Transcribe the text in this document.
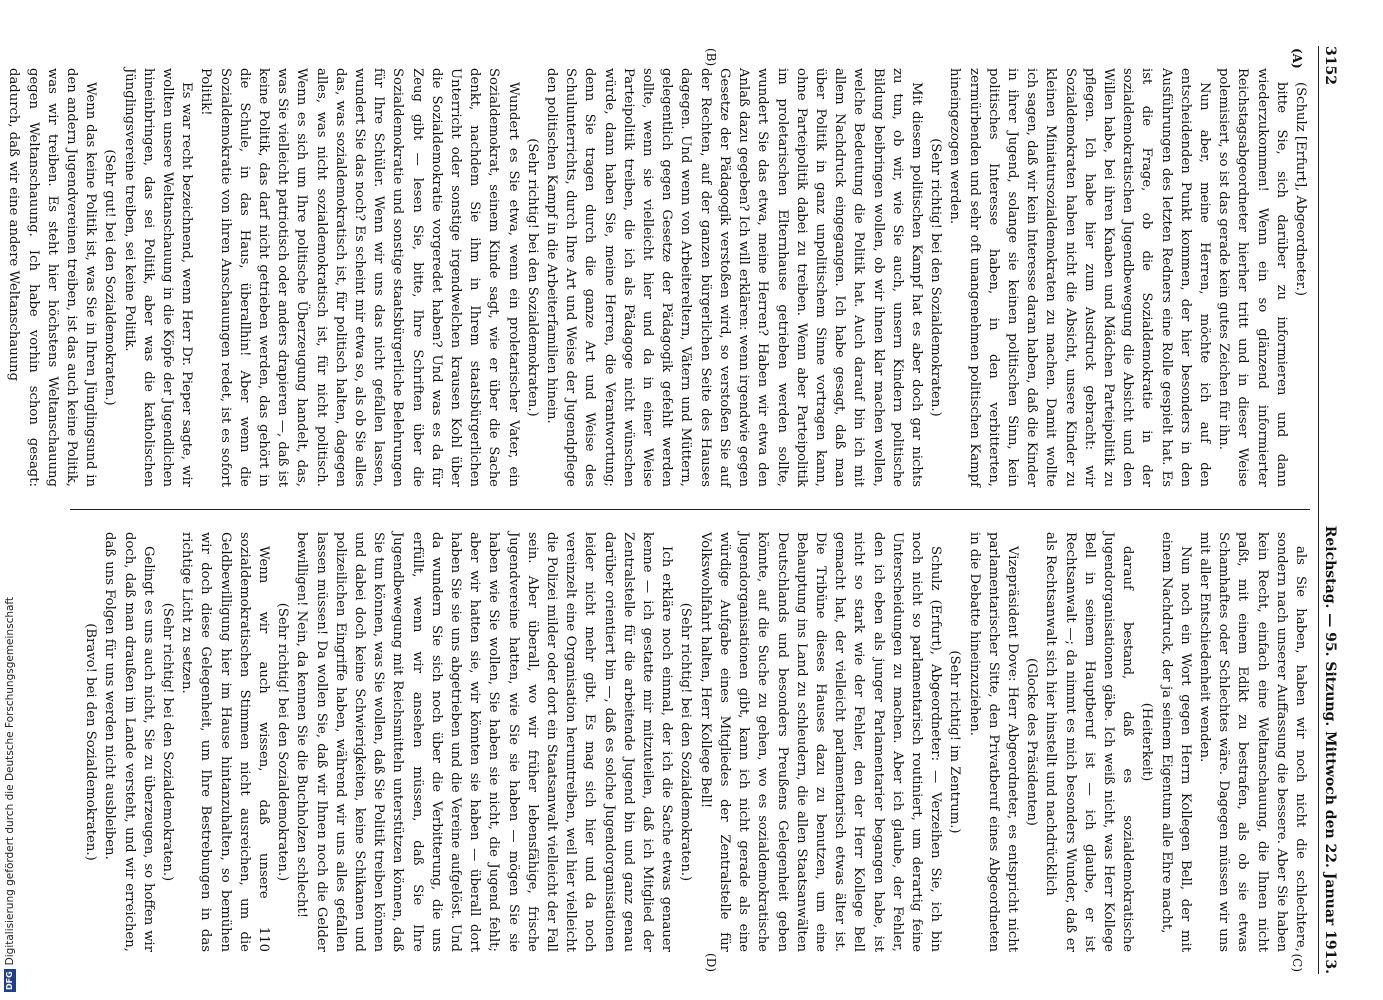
DFG
Digitalisierung gefördert durch die Deutsche Forschungsgemeinschaft
3152
Reichstag. — 95. Sitzung. Mittwoch den 22. Januar 1913.
(A)
(B)

(Schulz [Erfurt], Abgeordneter.)

bitte Sie, sich darüber zu informieren und dann wiederzukommen! Wenn ein so glänzend informierter Reichstagsabgeordneter hierher tritt und in dieser Weise polemisiert, so ist das gerade kein gutes Zeichen für ihn.

Nun aber, meine Herren, möchte ich auf den entscheidenden Punkt kommen, der hier besonders in den Ausführungen des letzten Redners eine Rolle gespielt hat. Es ist die Frage, ob die Sozialdemokratie in der sozialdemokratischen Jugendbewegung die Absicht und den Willen habe, bei ihren Knaben und Mädchen Parteipolitik zu pflegen. Ich habe hier zum Ausdruck gebracht: wir Sozialdemokraten haben nicht die Absicht, unsere Kinder zu kleinen Miniatursozialdemokraten zu machen. Damit wollte ich sagen, daß wir kein Interesse daran haben, daß die Kinder in ihrer Jugend, solange sie keinen politischen Sinn, kein politisches Interesse haben, in den verbitterten, zermürbenden und sehr oft unangenehmen politischen Kampf hineingezogen werden.

(Sehr richtig! bei den Sozialdemokraten.)

Mit diesem politischen Kampf hat es aber doch gar nichts zu tun, ob wir, wie Sie auch, unsern Kindern politische Bildung beibringen wollen, ob wir ihnen klar machen wollen, welche Bedeutung die Politik hat. Auch darauf bin ich mit allem Nachdruck eingegangen. Ich habe gesagt, daß man über Politik in ganz unpolitischem Sinne vortragen kann, ohne Parteipolitik dabei zu treiben. Wenn aber Parteipolitik im proletarischen Elternhause getrieben werden sollte, wundert Sie das etwa, meine Herren? Haben wir etwa den Anlaß dazu gegeben? Ich will erklären: wenn irgendwie gegen Gesetze der Pädagogik verstoßen wird, so verstoßen Sie auf der Rechten, auf der ganzen bürgerlichen Seite des Hauses dagegen. Und wenn von Arbeitereltern, Vätern und Müttern, gelegentlich gegen Gesetze der Pädagogik gefehlt werden sollte, wenn sie vielleicht hier und da in einer Weise Parteipolitik treiben, die ich als Pädagoge nicht wünschen würde, dann haben Sie, meine Herren, die Verantwortung; denn Sie tragen durch die ganze Art und Weise des Schulunterrichts, durch Ihre Art und Weise der Jugendpflege den politischen Kampf in die Arbeiterfamilien hinein.

(Sehr richtig! bei den Sozialdemokraten.)

Wundert es Sie etwa, wenn ein proletarischer Vater, ein Sozialdemokrat, seinem Kinde sagt, wie er über die Sache denkt, nachdem Sie ihm in Ihrem staatsbürgerlichen Unterricht oder sonstige irgendwelchen krausen Kohl über die Sozialdemokratie vorgeredet haben? Und was es da für Zeug gibt — lesen Sie, bitte, Ihre Schriften über die Sozialdemokratie und sonstige staatsbürgerliche Belehrungen für Ihre Schüler. Wenn wir uns das nicht gefallen lassen, wundert Sie das noch? Es scheint mir etwa so, als ob Sie alles das, was sozialdemokratisch ist, für politisch halten, dagegen alles, was nicht sozialdemokratisch ist, für nicht politisch. Wenn es sich um Ihre politische Überzeugung handelt, das, was Sie vielleicht patriotisch oder anders drapieren —, daß ist keine Politik, das darf nicht getrieben werden, das gehört in die Schule, in das Haus, überallhin! Aber wenn die Sozialdemokratie von ihren Anschauungen redet, ist es sofort Politik!

Es war recht bezeichnend, wenn Herr Dr. Pieper sagte, wir wollten unsere Weltanschauung in die Köpfe der Jugendlichen hineinbringen, das sei Politik, aber was die katholischen Jünglingsvereine treiben, sei keine Politik.

(Sehr gut! bei den Sozialdemokraten.)

Wenn das keine Politik ist, was Sie in Ihren Jünglingsund in den andern Jugendvereinen treiben, ist das auch keine Politik, was wir treiben. Es steht hier höchstens Weltanschauung gegen Weltanschauung. Ich habe vorhin schon gesagt: dadurch, daß wir eine andere Weltanschauung

(C)
(D)

als Sie haben, haben wir noch nicht die schlechtere, sondern nach unserer Auffassung die bessere. Aber Sie haben kein Recht, einfach eine Weltanschauung, die Ihnen nicht paßt, mit einem Edikt zu bestrafen, als ob sie etwas Schamhaftes oder Schlechtes wäre. Dagegen müssen wir uns mit aller Entschiedenheit wenden.

Nun noch ein Wort gegen Herrn Kollegen Bell, der mit einem Nachdruck, der ja seinem Eigentum alle Ehre macht,

(Heiterkeit)

darauf bestand, daß es sozialdemokratische Jugendorganisationen gäbe. Ich weiß nicht, was Herr Kollege Bell in seinem Hauptberuf ist — ich glaube, er ist Rechtsanwalt —; da nimmt es mich besonders Wunder, daß er als Rechtsanwalt sich hier hinstellt und nachdrücklich

(Glocke des Präsidenten)

Vizepräsident Dove: Herr Abgeordneter, es entspricht nicht parlamentarischer Sitte, den Privatberuf eines Abgeordneten in die Debatte hineinzuziehen.

(Sehr richtig! im Zentrum.)

Schulz (Erfurt), Abgeordneter: — Verzeihen Sie, ich bin noch nicht so parlamentarisch routiniert, um derartig feine Unterscheidungen zu machen. Aber ich glaube, der Fehler, den ich eben als junger Parlamentarier begangen habe, ist nicht so stark wie der Fehler, den der Herr Kollege Bell gemacht hat, der vielleicht parlamentarisch etwas älter ist. Die Tribüne dieses Hauses dazu zu benutzen, um eine Behauptung ins Land zu schleudern, die allen Staatsanwälten Deutschlands und besonders Preußens Gelegenheit geben könnte, auf die Suche zu gehen, wo es sozialdemokratische Jugendorganisationen gibt, kann ich nicht gerade als eine würdige Aufgabe eines Mitgliedes der Zentralstelle für Volkswohlfahrt halten, Herr Kollege Bell!

(Sehr richtig! bei den Sozialdemokraten.)

Ich erkläre noch einmal, der ich die Sache etwas genauer kenne — ich gestatte mir mitzuteilen, daß ich Mitglied der Zentralstelle für die arbeitende Jugend bin und ganz genau darüber orientiert bin —, daß es solche Jugendorganisationen leider nicht mehr gibt. Es mag sich hier und da noch vereinzelt eine Organisation herumtreiben, weil hier vielleicht die Polizei milder oder dort ein Staatsanwalt vielleicht der Fall sein. Aber überall, wo wir früher lebensfähige, frische Jugendvereine hatten, wie Sie sie haben — mögen Sie sie haben wie Sie wollen, Sie haben sie nicht, die Jugend fehlt; aber wir hatten sie, wir könnten sie haben — überall dort haben Sie sie uns abgetrieben und die Vereine aufgelöst. Und da wundern Sie sich noch über die Verbitterung, die uns erfüllt, wenn wir ansehen müssen, daß Sie Ihre Jugendbewegung mit Reichsmitteln unterstützen können, daß Sie tun können, was Sie wollen, daß Sie Politik treiben können und dabei doch keine Schwierigkeiten, keine Schikanen und polizeilichen Eingriffe haben, während wir uns alles gefallen lassen müssen! Da wollen Sie, daß wir Ihnen noch die Gelder bewilligen! Nein, da kennen Sie die Buchholzen schlecht!

(Sehr richtig! bei den Sozialdemokraten.)

Wenn wir auch wissen, daß unsere 110 sozialdemokratischen Stimmen nicht ausreichen, um die Geldbewilligung hier im Hause hintanzuhalten, so bemühen wir doch diese Gelegenheit, um Ihre Bestrebungen in das richtige Licht zu setzen.

(Sehr richtig! bei den Sozialdemokraten.)

Gelingt es uns auch nicht, Sie zu überzeugen, so hoffen wir doch, daß man draußen im Lande versteht, und wir erreichen, daß uns Folgen für uns werden nicht ausbleiben.

(Bravo! bei den Sozialdemokraten.)
